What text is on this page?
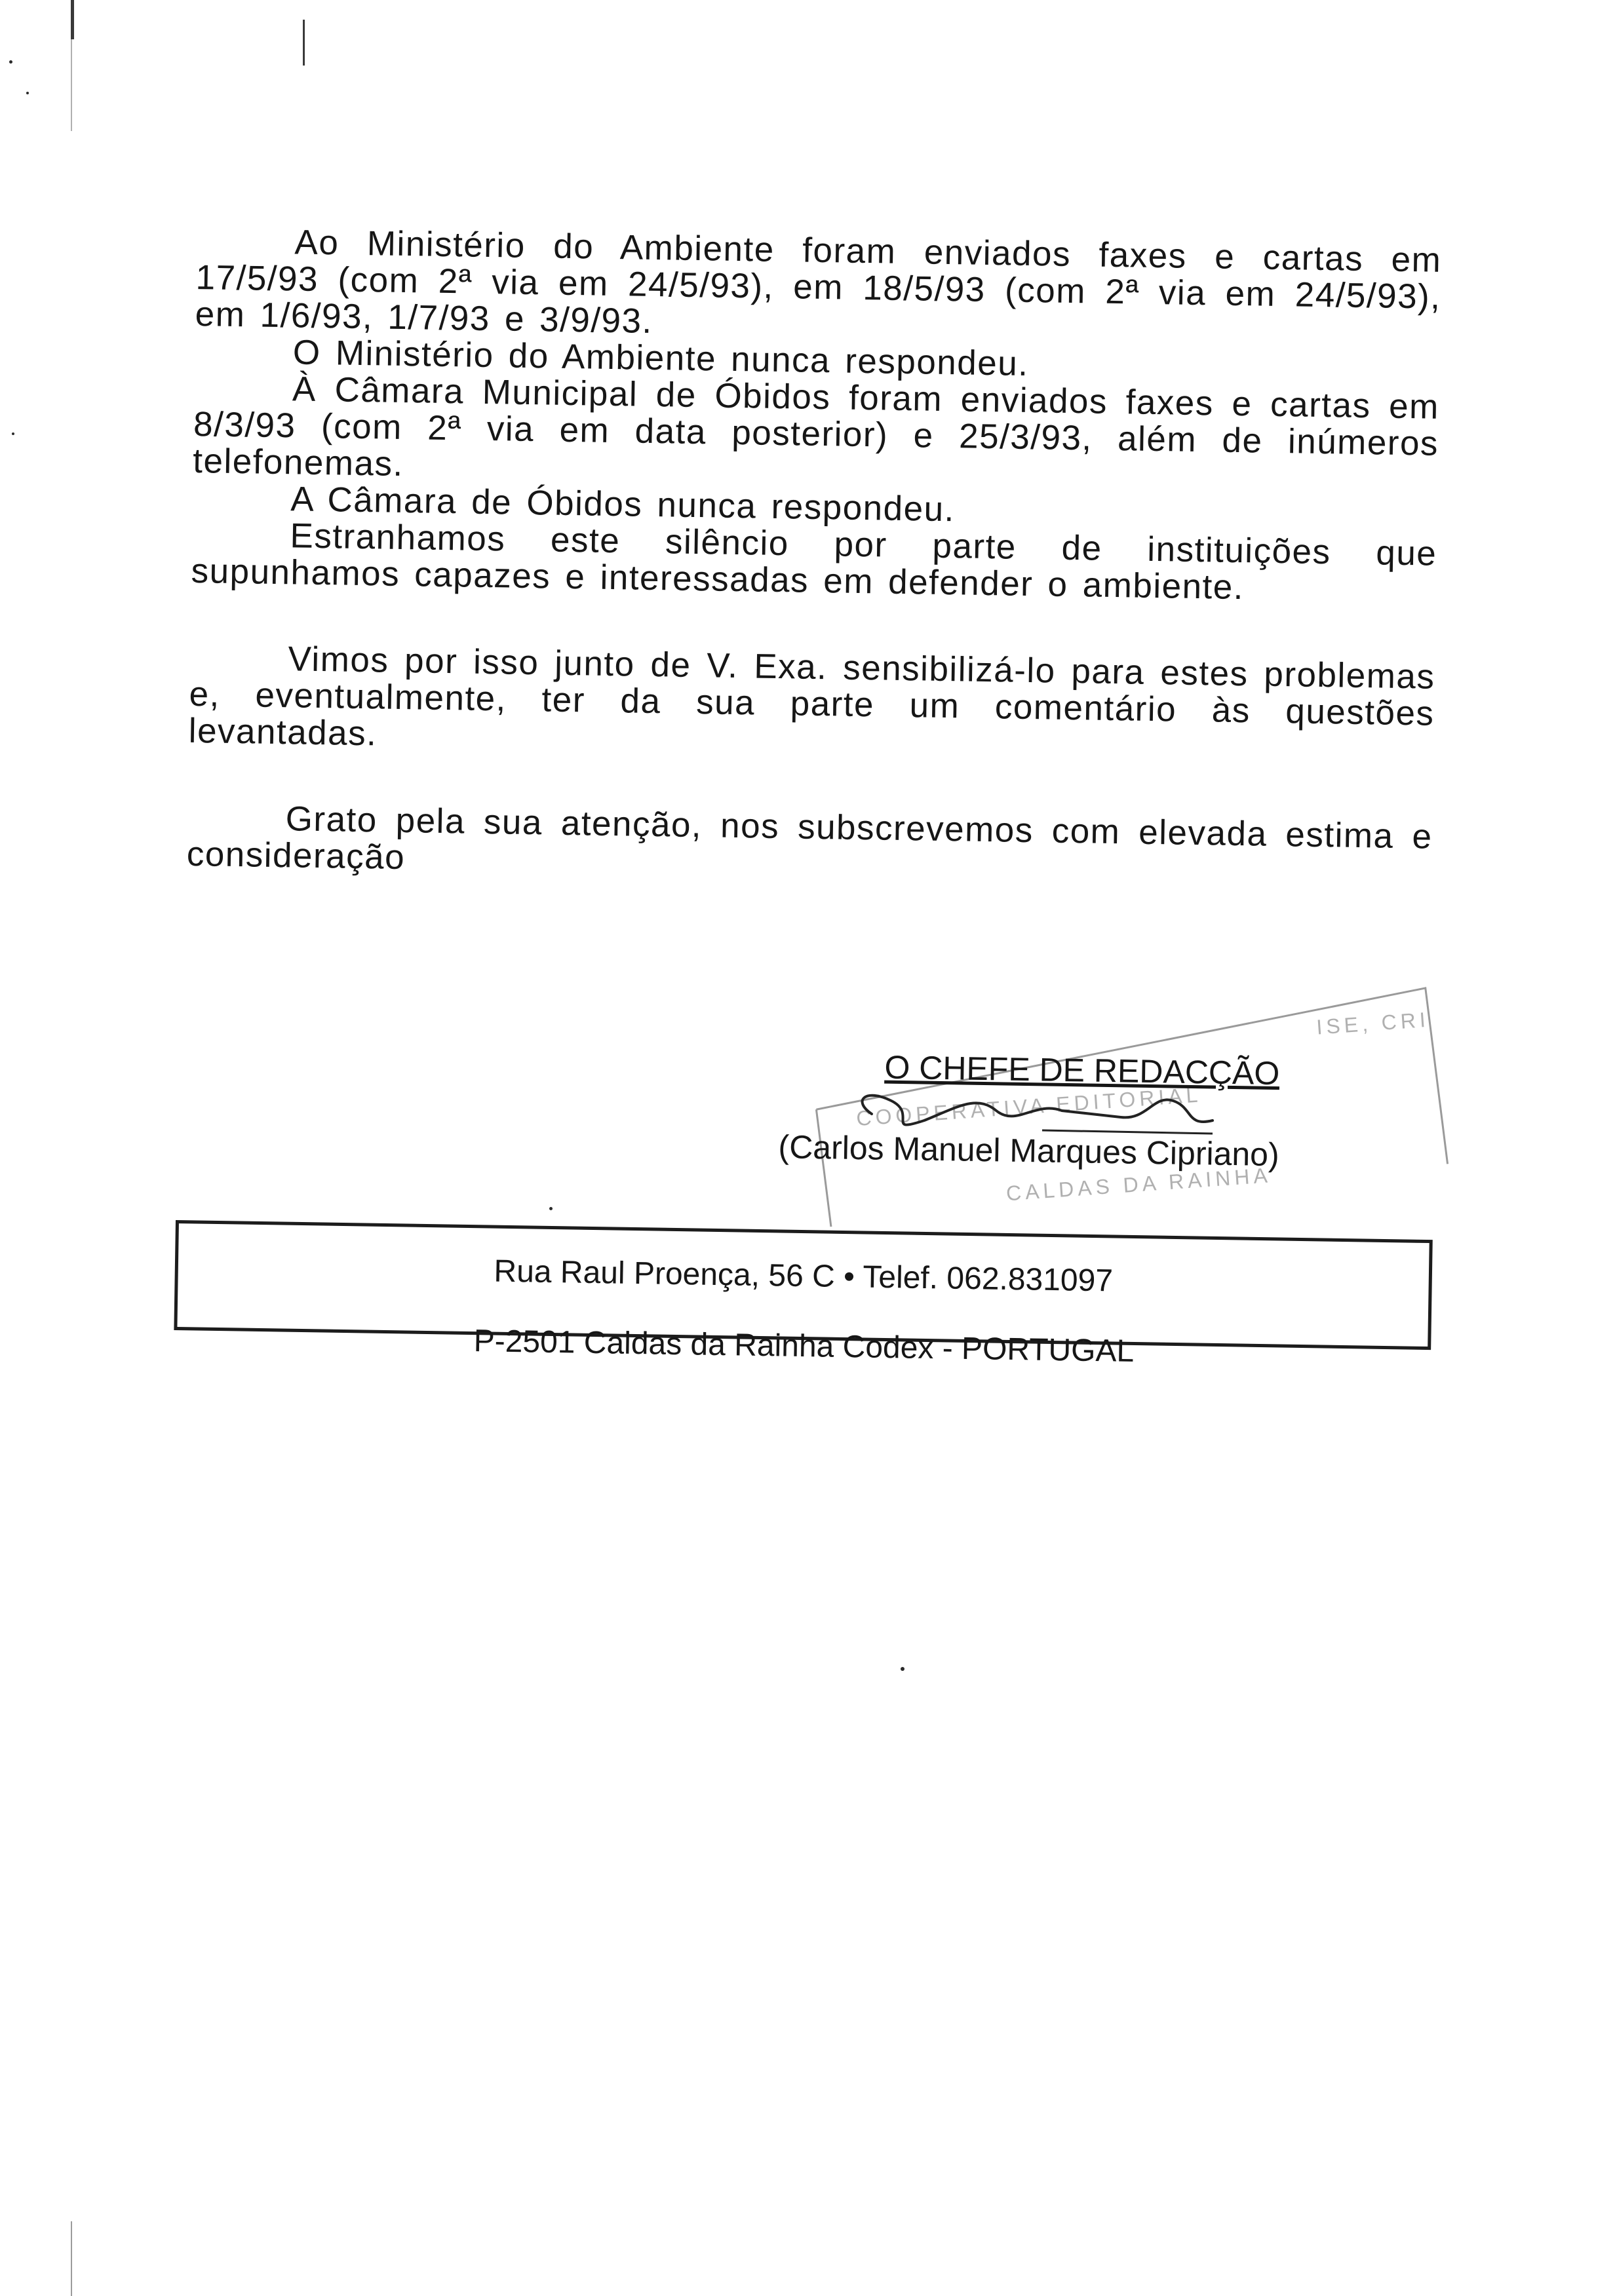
Ao Ministério do Ambiente foram enviados faxes e cartas em 17/5/93 (com 2ª via em 24/5/93), em 18/5/93 (com 2ª via em 24/5/93), em 1/6/93, 1/7/93 e 3/9/93.

O Ministério do Ambiente nunca respondeu.

À Câmara Municipal de Óbidos foram enviados faxes e cartas em 8/3/93 (com 2ª via em data posterior) e 25/3/93, além de inúmeros telefonemas.

A Câmara de Óbidos nunca respondeu.

Estranhamos este silêncio por parte de instituições que supunhamos capazes e interessadas em defender o ambiente.

Vimos por isso junto de V. Exa. sensibilizá-lo para estes problemas e, eventualmente, ter da sua parte um comentário às questões levantadas.

Grato pela sua atenção, nos subscrevemos com elevada estima e consideração

COOPERATIVA EDITORIAL
CALDAS DA RAINHA
ISE, CRI
O CHEFE DE REDACÇÃO
(Carlos Manuel Marques Cipriano)
Rua Raul Proença, 56 C • Telef. 062.831097
P-2501 Caldas da Rainha Codex - PORTUGAL
